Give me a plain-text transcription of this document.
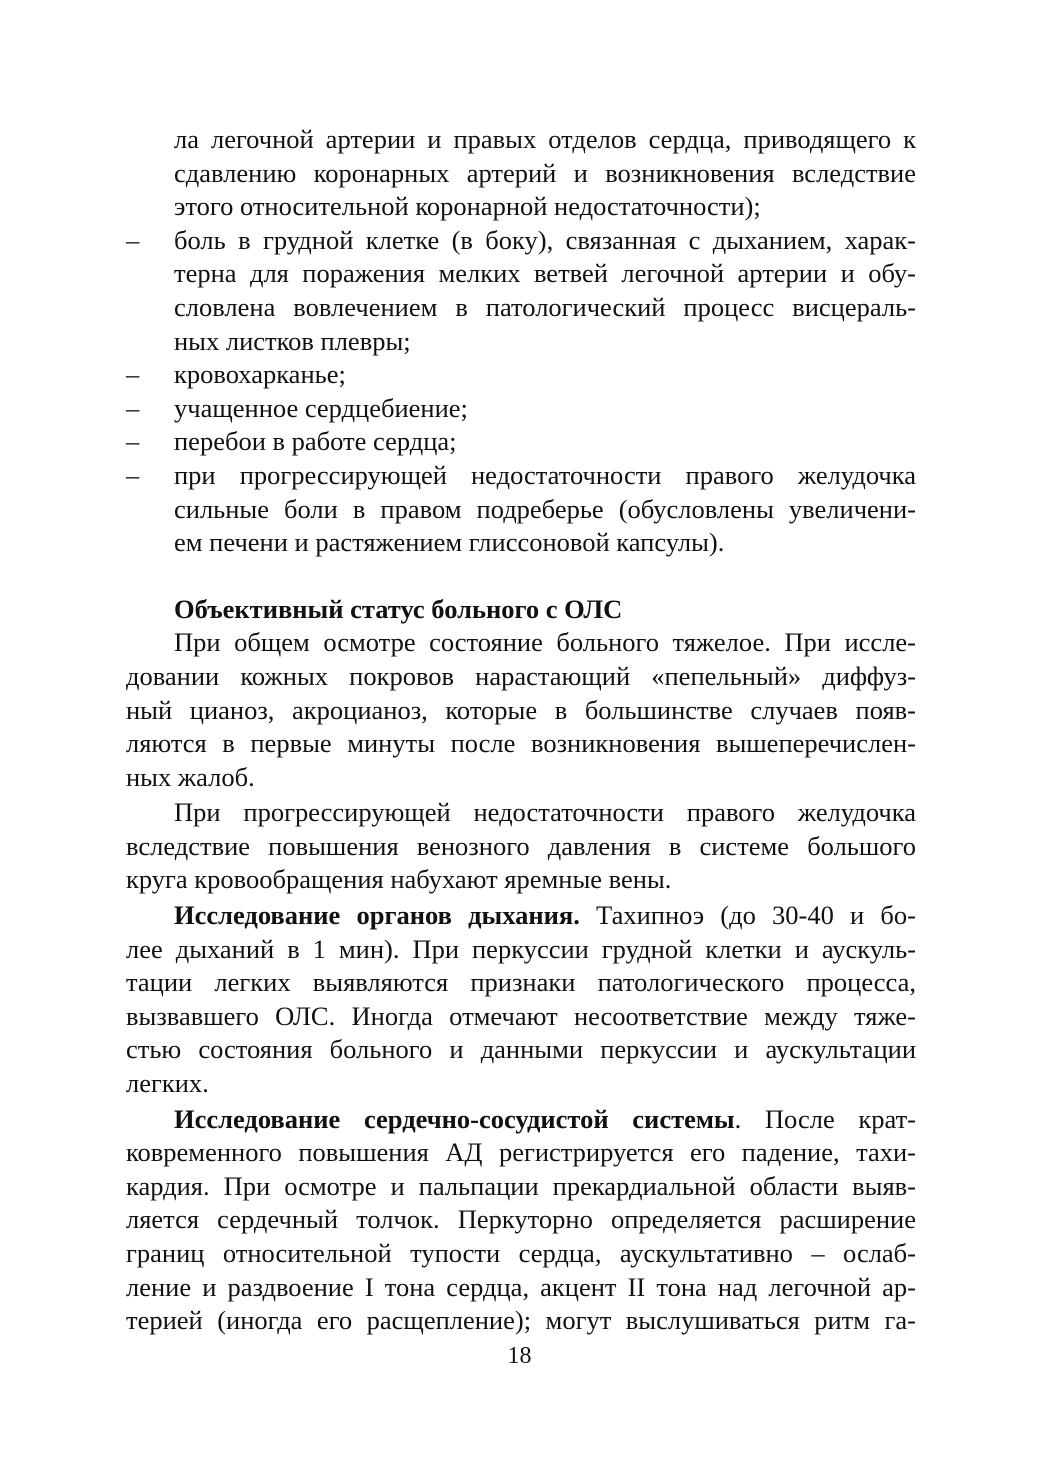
ла легочной артерии и правых отделов сердца, приводящего к
сдавлению коронарных артерий и возникновения вследствие
этого относительной коронарной недостаточности);
– боль в грудной клетке (в боку), связанная с дыханием, харак-
терна для поражения мелких ветвей легочной артерии и обу-
словлена вовлечением в патологический процесс висцераль-
ных листков плевры;
– кровохарканье;
– учащенное сердцебиение;
– перебои в работе сердца;
– при прогрессирующей недостаточности правого желудочка
сильные боли в правом подреберье (обусловлены увеличени-
ем печени и растяжением глиссоновой капсулы).
Объективный статус больного с ОЛС
При общем осмотре состояние больного тяжелое. При иссле-
довании кожных покровов нарастающий «пепельный» диффуз-
ный цианоз, акроцианоз, которые в большинстве случаев появ-
ляются в первые минуты после возникновения вышеперечислен-
ных жалоб.
При прогрессирующей недостаточности правого желудочка
вследствие повышения венозного давления в системе большого
круга кровообращения набухают яремные вены.
Исследование органов дыхания. Тахипноэ (до 30-40 и бо-
лее дыханий в 1 мин). При перкуссии грудной клетки и аускуль-
тации легких выявляются признаки патологического процесса,
вызвавшего ОЛС. Иногда отмечают несоответствие между тяже-
стью состояния больного и данными перкуссии и аускультации
легких.
Исследование сердечно-сосудистой системы. После крат-
ковременного повышения АД регистрируется его падение, тахи-
кардия. При осмотре и пальпации прекардиальной области выяв-
ляется сердечный толчок. Перкуторно определяется расширение
границ относительной тупости сердца, аускультативно – ослаб-
ление и раздвоение I тона сердца, акцент II тона над легочной ар-
терией (иногда его расщепление); могут выслушиваться ритм га-
18
